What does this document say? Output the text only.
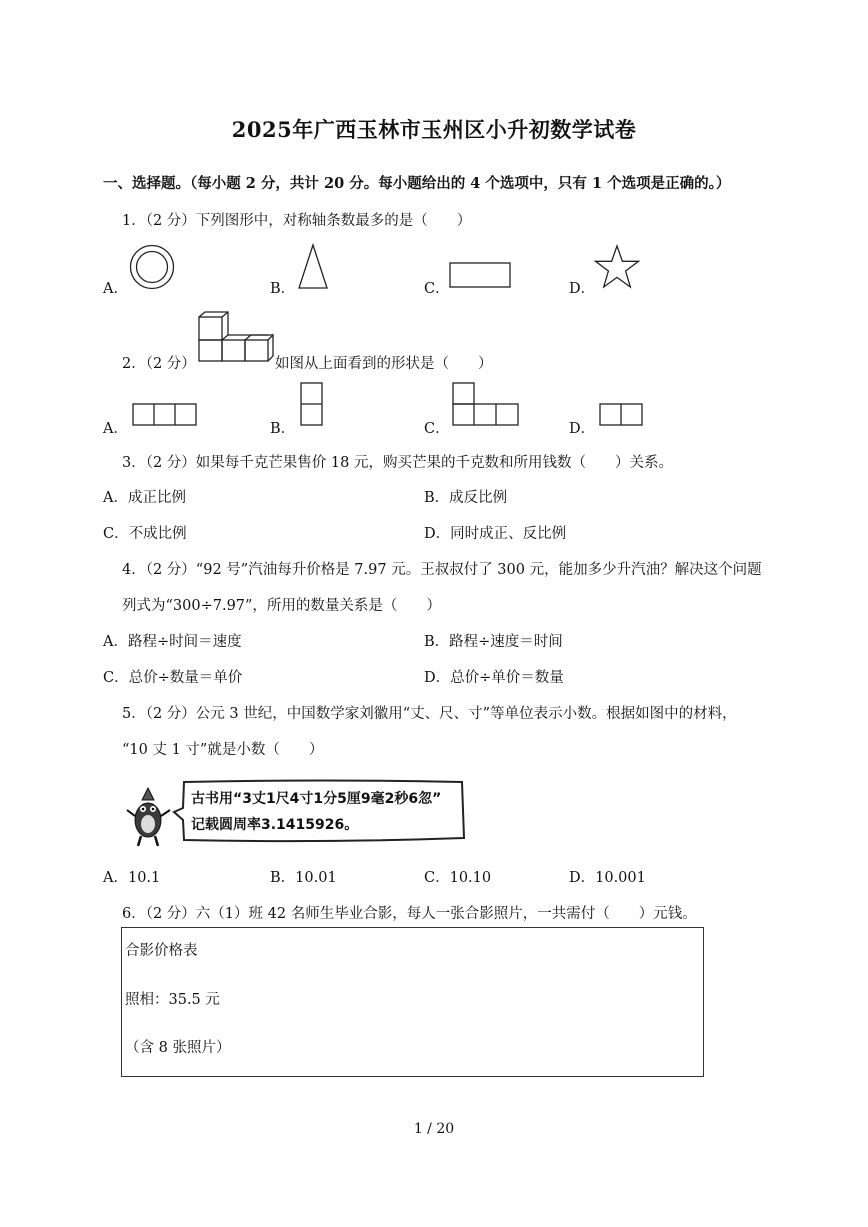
2025年广西玉林市玉州区小升初数学试卷
一、选择题。（每小题 2 分，共计 20 分。每小题给出的 4 个选项中，只有 1 个选项是正确的。）
1．（2 分）下列图形中，对称轴条数最多的是（　　）
A．	B．	C．	D．
2．（2 分）	如图从上面看到的形状是（　　）
A．	B．	C．	D．
3．（2 分）如果每千克芒果售价 18 元，购买芒果的千克数和所用钱数（　　）关系。
A．成正比例	B．成反比例
C．不成比例	D．同时成正、反比例
4．（2 分）“92 号”汽油每升价格是 7.97 元。王叔叔付了 300 元，能加多少升汽油？解决这个问题
列式为“300÷7.97”，所用的数量关系是（　　）
A．路程÷时间＝速度	B．路程÷速度＝时间
C．总价÷数量＝单价	D．总价÷单价＝数量
5．（2 分）公元 3 世纪，中国数学家刘徽用“丈、尺、寸”等单位表示小数。根据如图中的材料，
“10 丈 1 寸”就是小数（　　）
古书用“3丈1尺4寸1分5厘9毫2秒6忽”
记载圆周率3.1415926。
A．10.1	B．10.01	C．10.10	D．10.001
6．（2 分）六（1）班 42 名师生毕业合影，每人一张合影照片，一共需付（　　）元钱。
合影价格表
照相：35.5 元
（含 8 张照片）
1 / 20
